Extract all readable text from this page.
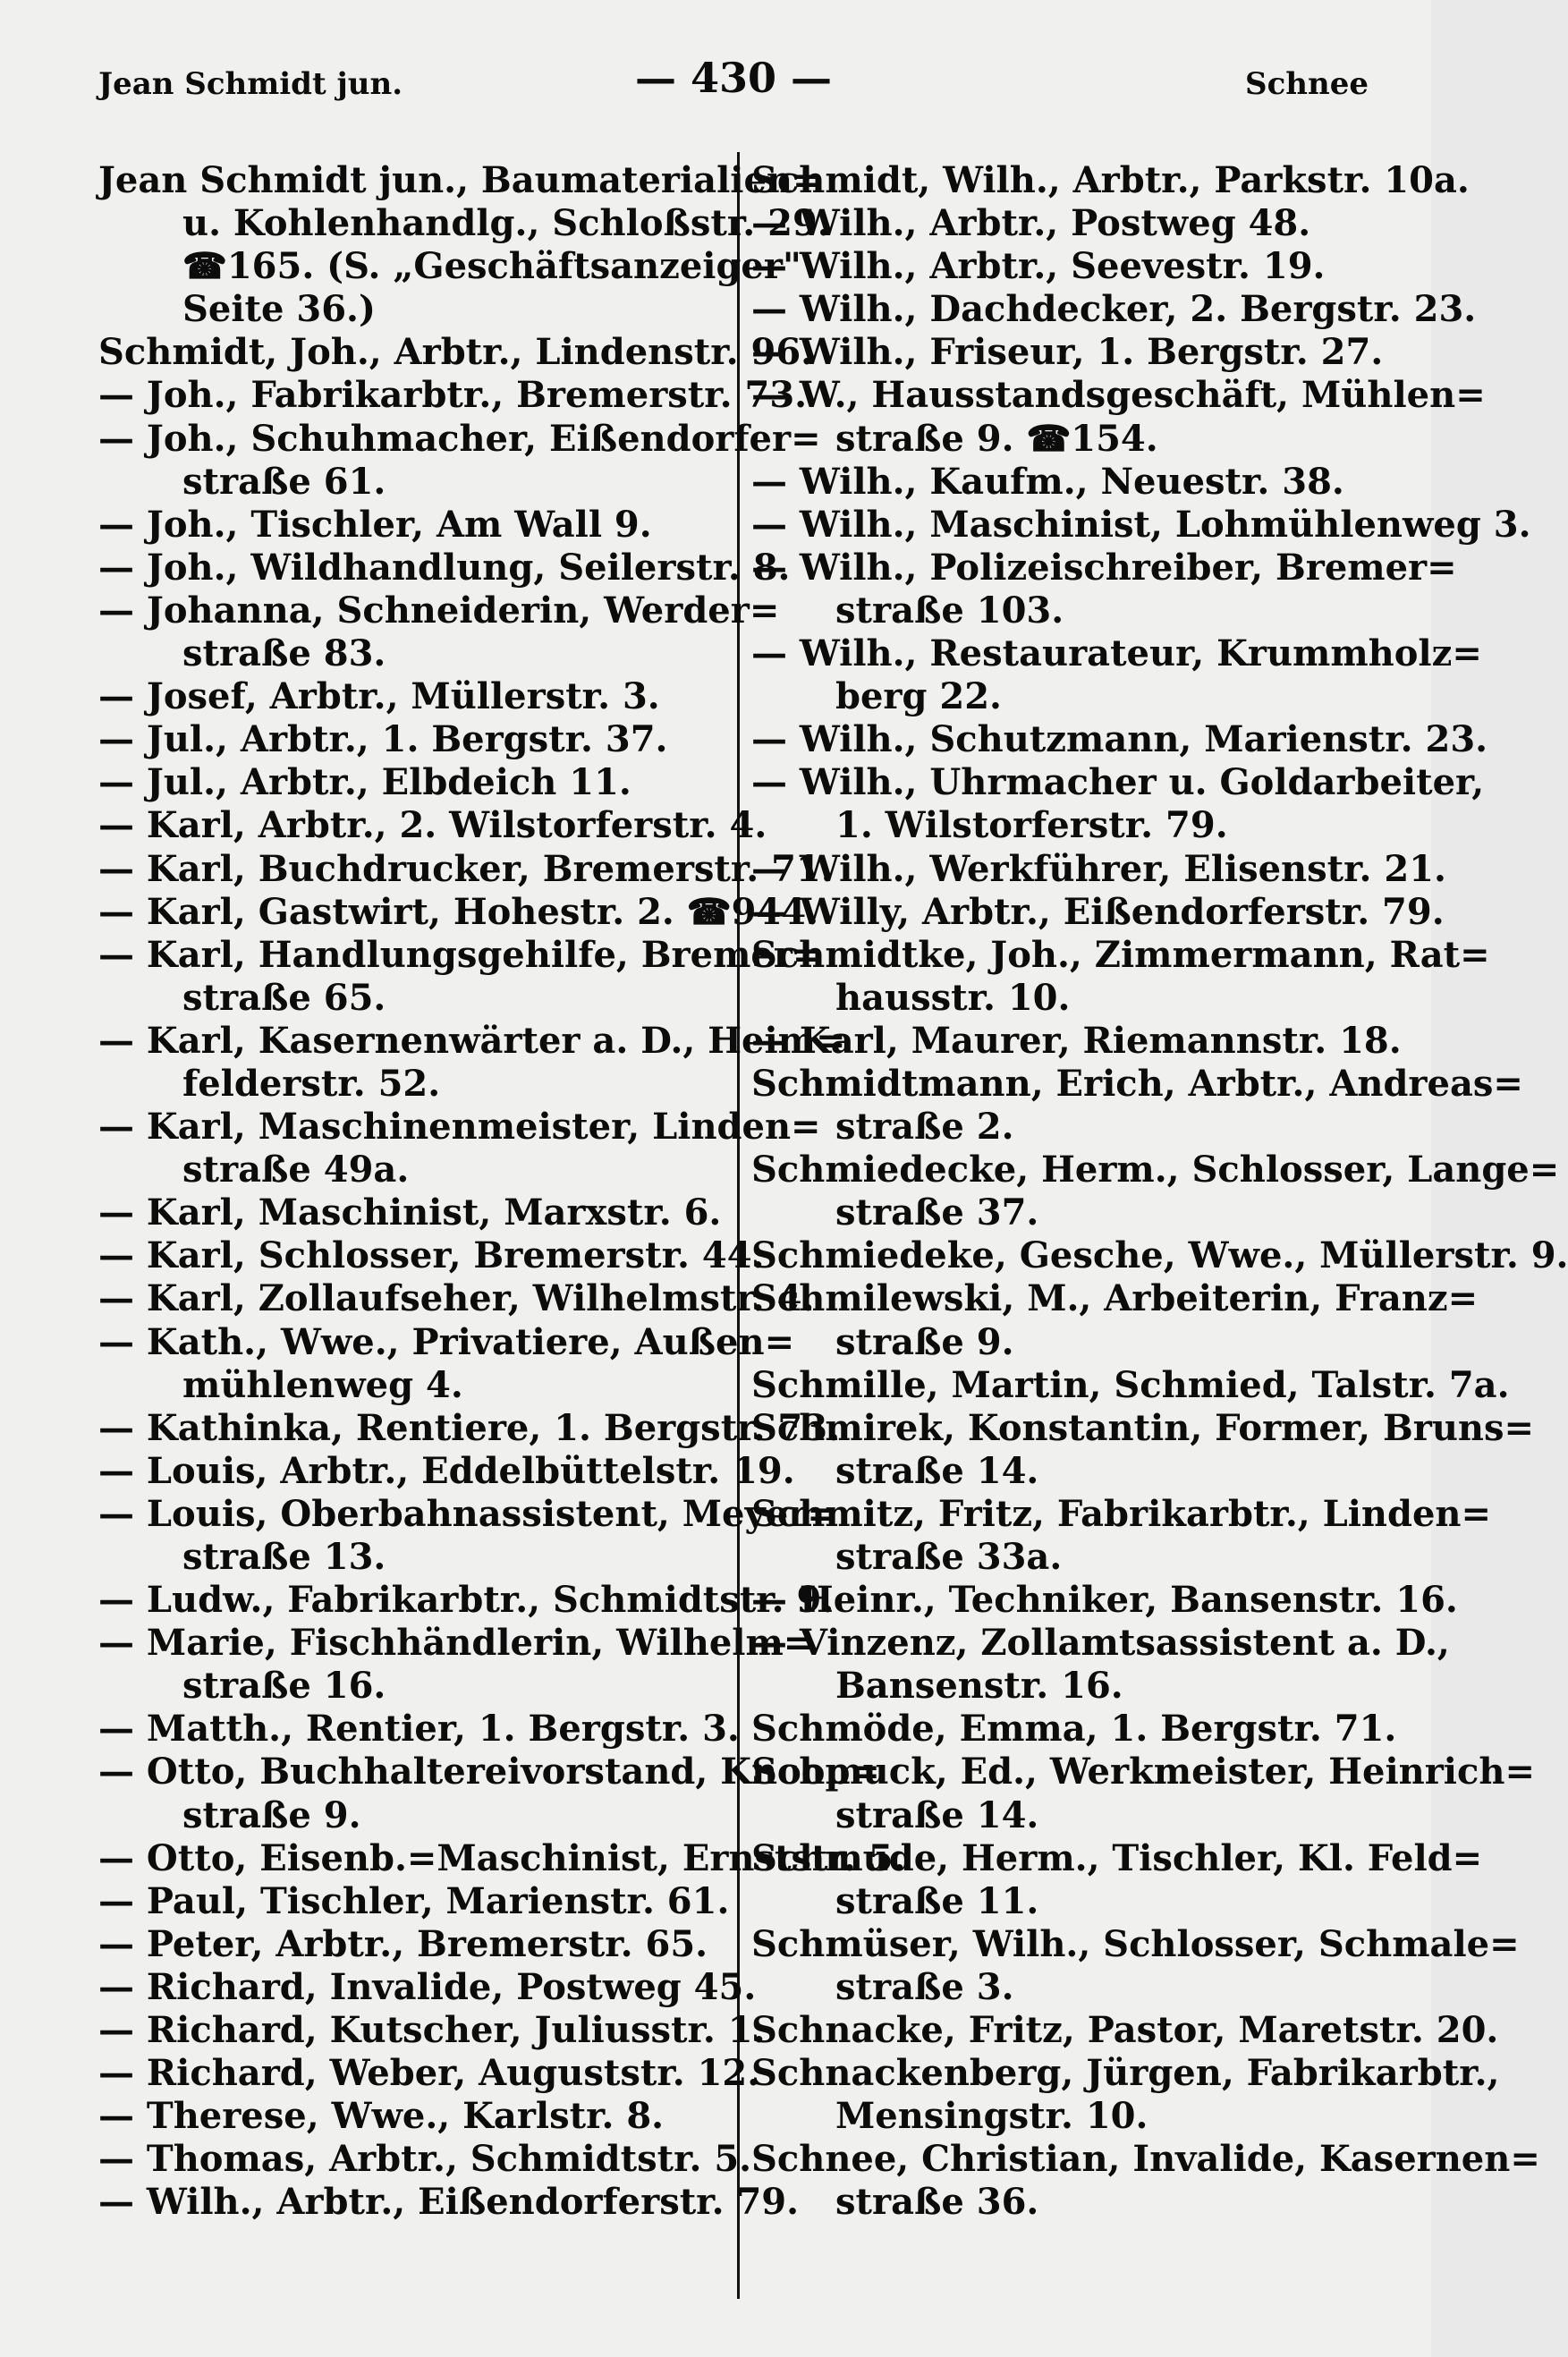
— 430 —
Jean Schmidt jun.	Schnee
Jean Schmidt jun., Baumaterialien=
u. Kohlenhandlg., Schloßstr. 29.
☎165. (S. „Geschäftsanzeiger"
Seite 36.)
Schmidt, Joh., Arbtr., Lindenstr. 96.
— Joh., Fabrikarbtr., Bremerstr. 73.
— Joh., Schuhmacher, Eißendorfer=
straße 61.
— Joh., Tischler, Am Wall 9.
— Joh., Wildhandlung, Seilerstr. 8.
— Johanna, Schneiderin, Werder=
straße 83.
— Josef, Arbtr., Müllerstr. 3.
— Jul., Arbtr., 1. Bergstr. 37.
— Jul., Arbtr., Elbdeich 11.
— Karl, Arbtr., 2. Wilstorferstr. 4.
— Karl, Buchdrucker, Bremerstr. 71.
— Karl, Gastwirt, Hohestr. 2. ☎944.
— Karl, Handlungsgehilfe, Bremer=
straße 65.
— Karl, Kasernenwärter a. D., Heim=
felderstr. 52.
— Karl, Maschinenmeister, Linden=
straße 49a.
— Karl, Maschinist, Marxstr. 6.
— Karl, Schlosser, Bremerstr. 44.
— Karl, Zollaufseher, Wilhelmstr. 4.
— Kath., Wwe., Privatiere, Außen=
mühlenweg 4.
— Kathinka, Rentiere, 1. Bergstr. 73.
— Louis, Arbtr., Eddelbüttelstr. 19.
— Louis, Oberbahnassistent, Meyer=
straße 13.
— Ludw., Fabrikarbtr., Schmidtstr. 9.
— Marie, Fischhändlerin, Wilhelm=
straße 16.
— Matth., Rentier, 1. Bergstr. 3.
— Otto, Buchhaltereivorstand, Knoop=
straße 9.
— Otto, Eisenb.=Maschinist, Ernststr. 5.
— Paul, Tischler, Marienstr. 61.
— Peter, Arbtr., Bremerstr. 65.
— Richard, Invalide, Postweg 45.
— Richard, Kutscher, Juliusstr. 1.
— Richard, Weber, Auguststr. 12.
— Therese, Wwe., Karlstr. 8.
— Thomas, Arbtr., Schmidtstr. 5.
— Wilh., Arbtr., Eißendorferstr. 79.
Schmidt, Wilh., Arbtr., Parkstr. 10a.
— Wilh., Arbtr., Postweg 48.
— Wilh., Arbtr., Seevestr. 19.
— Wilh., Dachdecker, 2. Bergstr. 23.
— Wilh., Friseur, 1. Bergstr. 27.
— W., Hausstandsgeschäft, Mühlen=
straße 9. ☎154.
— Wilh., Kaufm., Neuestr. 38.
— Wilh., Maschinist, Lohmühlenweg 3.
— Wilh., Polizeischreiber, Bremer=
straße 103.
— Wilh., Restaurateur, Krummholz=
berg 22.
— Wilh., Schutzmann, Marienstr. 23.
— Wilh., Uhrmacher u. Goldarbeiter,
1. Wilstorferstr. 79.
— Wilh., Werkführer, Elisenstr. 21.
— Willy, Arbtr., Eißendorferstr. 79.
Schmidtke, Joh., Zimmermann, Rat=
hausstr. 10.
— Karl, Maurer, Riemannstr. 18.
Schmidtmann, Erich, Arbtr., Andreas=
straße 2.
Schmiedecke, Herm., Schlosser, Lange=
straße 37.
Schmiedeke, Gesche, Wwe., Müllerstr. 9.
Schmilewski, M., Arbeiterin, Franz=
straße 9.
Schmille, Martin, Schmied, Talstr. 7a.
Schmirek, Konstantin, Former, Bruns=
straße 14.
Schmitz, Fritz, Fabrikarbtr., Linden=
straße 33a.
— Heinr., Techniker, Bansenstr. 16.
— Vinzenz, Zollamtsassistent a. D.,
Bansenstr. 16.
Schmöde, Emma, 1. Bergstr. 71.
Schmuck, Ed., Werkmeister, Heinrich=
straße 14.
Schmude, Herm., Tischler, Kl. Feld=
straße 11.
Schmüser, Wilh., Schlosser, Schmale=
straße 3.
Schnacke, Fritz, Pastor, Maretstr. 20.
Schnackenberg, Jürgen, Fabrikarbtr.,
Mensingstr. 10.
Schnee, Christian, Invalide, Kasernen=
straße 36.
